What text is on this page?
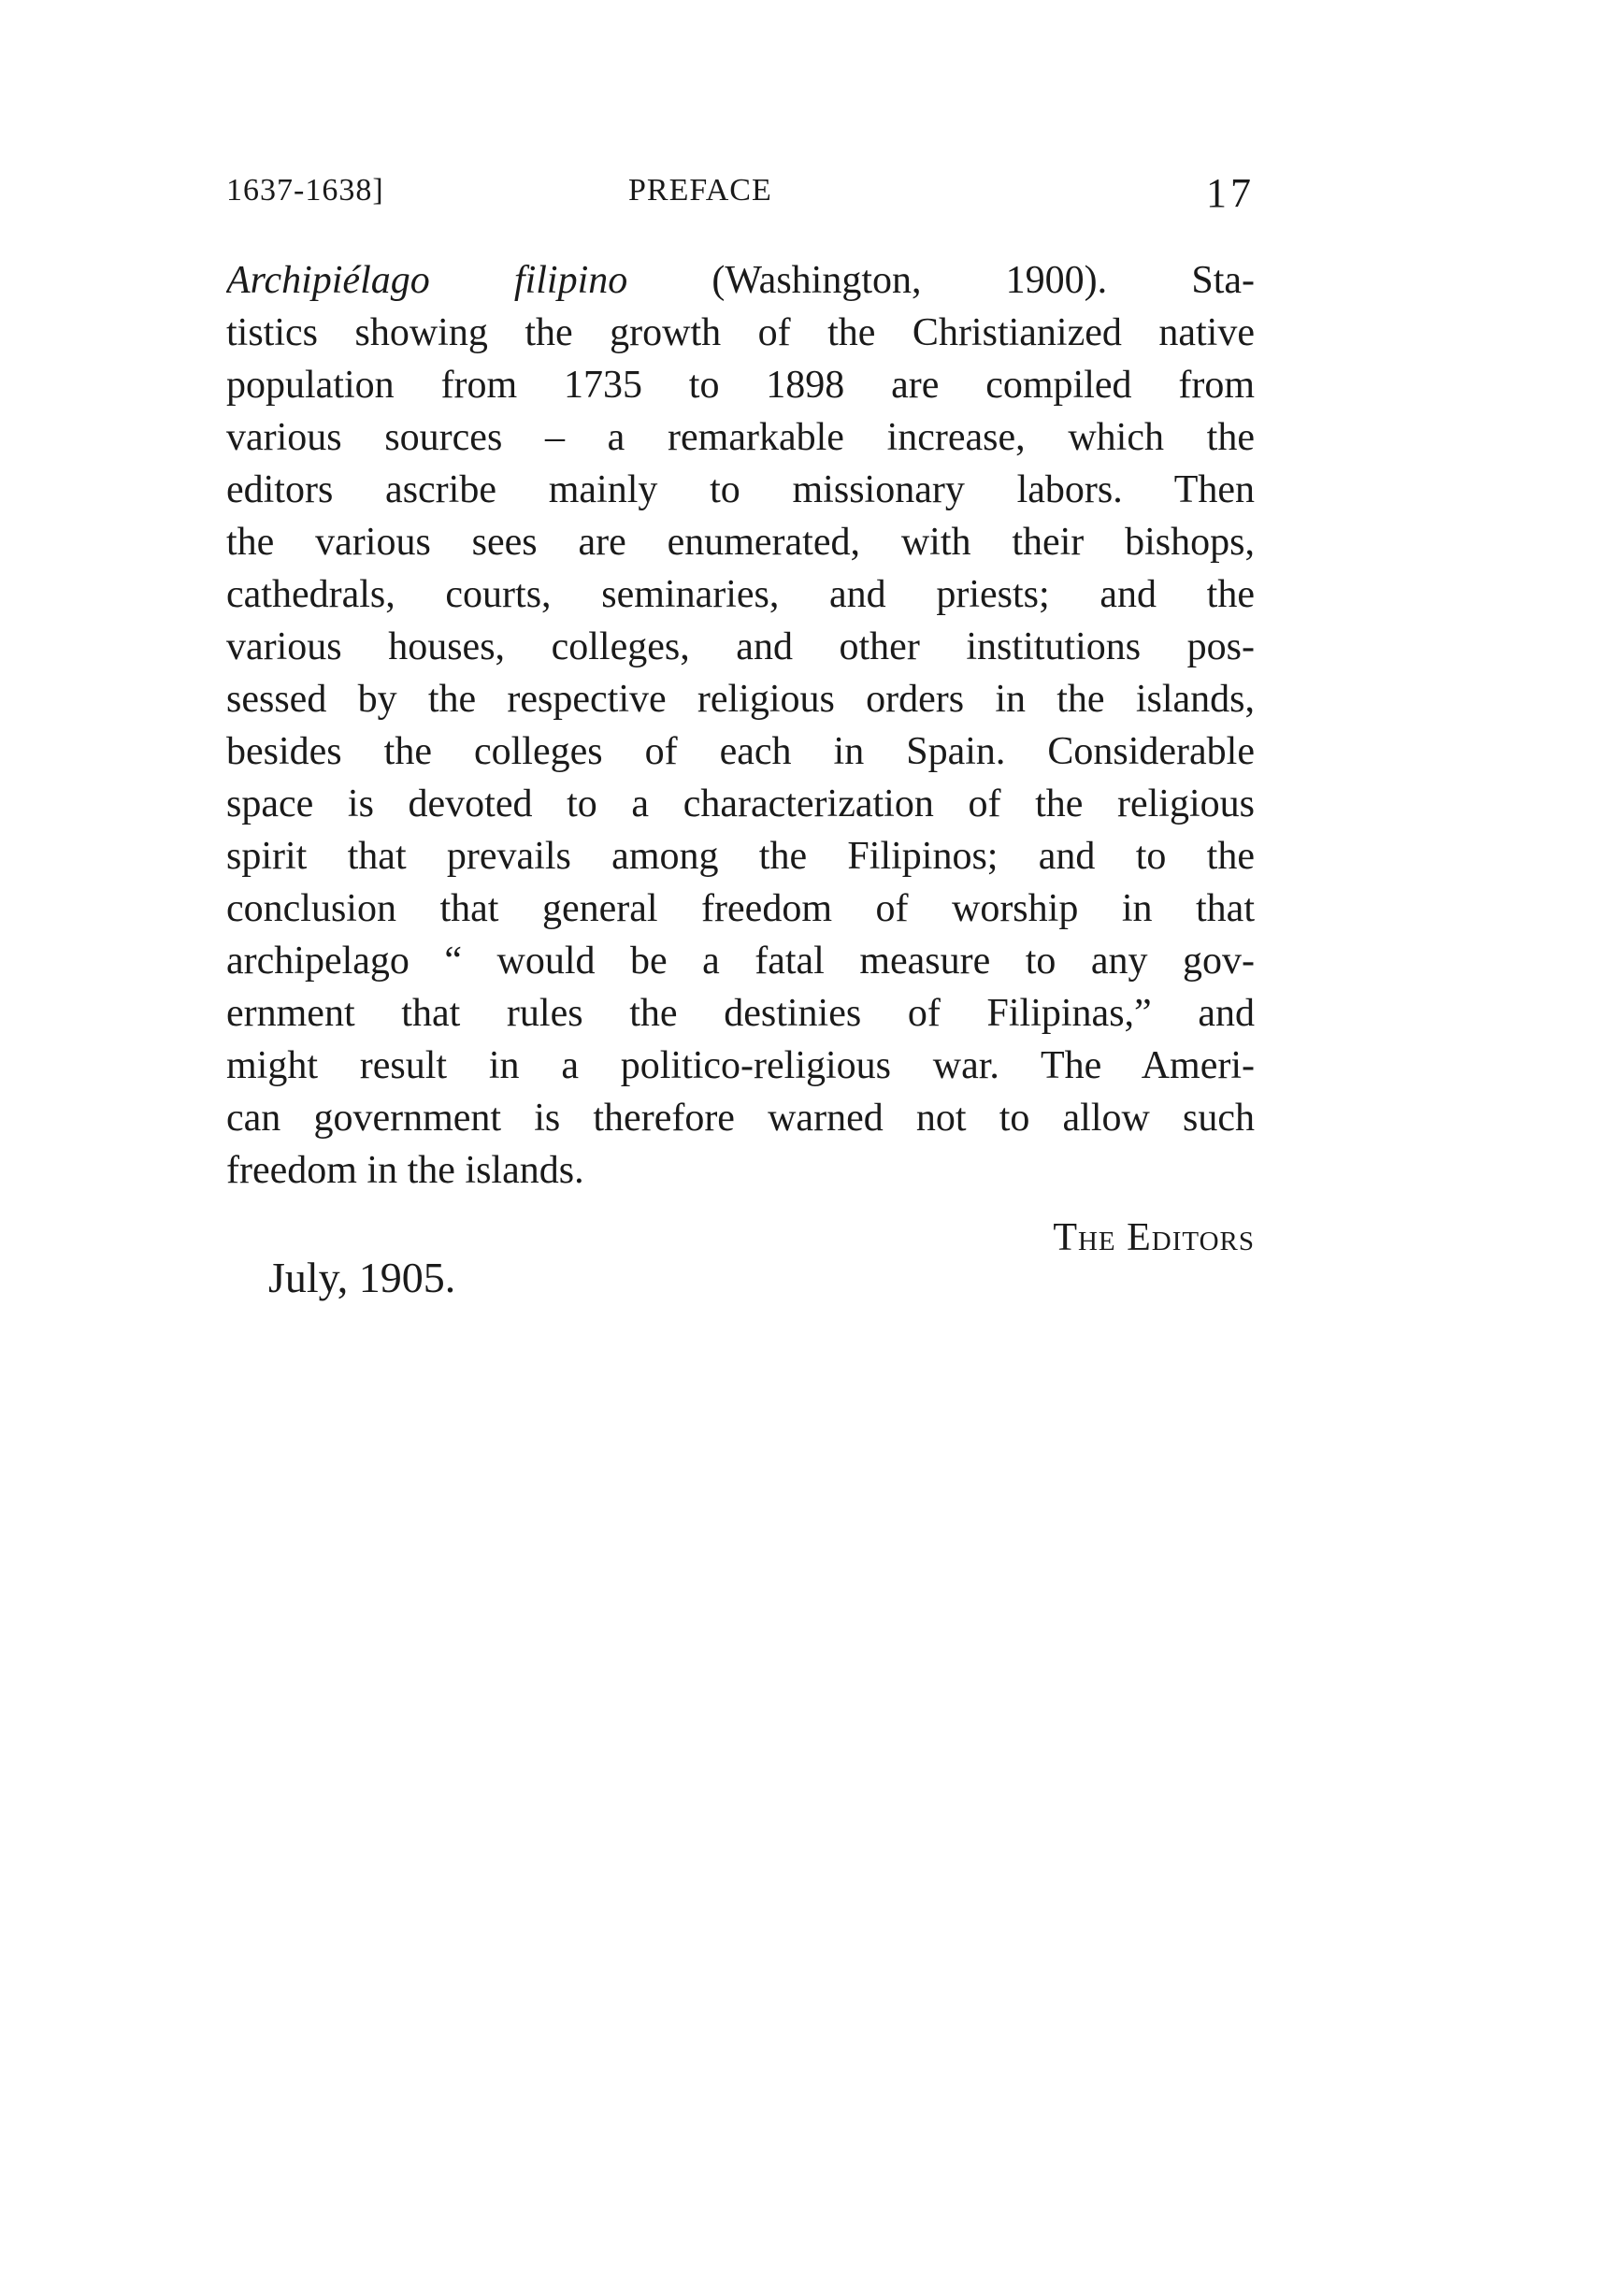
1637-1638]	PREFACE	17
Archipiélago filipino (Washington, 1900). Sta-
tistics showing the growth of the Christianized native
population from 1735 to 1898 are compiled from
various sources – a remarkable increase, which the
editors ascribe mainly to missionary labors. Then
the various sees are enumerated, with their bishops,
cathedrals, courts, seminaries, and priests; and the
various houses, colleges, and other institutions pos-
sessed by the respective religious orders in the islands,
besides the colleges of each in Spain. Considerable
space is devoted to a characterization of the religious
spirit that prevails among the Filipinos; and to the
conclusion that general freedom of worship in that
archipelago “ would be a fatal measure to any gov-
ernment that rules the destinies of Filipinas,” and
might result in a politico-religious war. The Ameri-
can government is therefore warned not to allow such
freedom in the islands.
The Editors
July, 1905.
